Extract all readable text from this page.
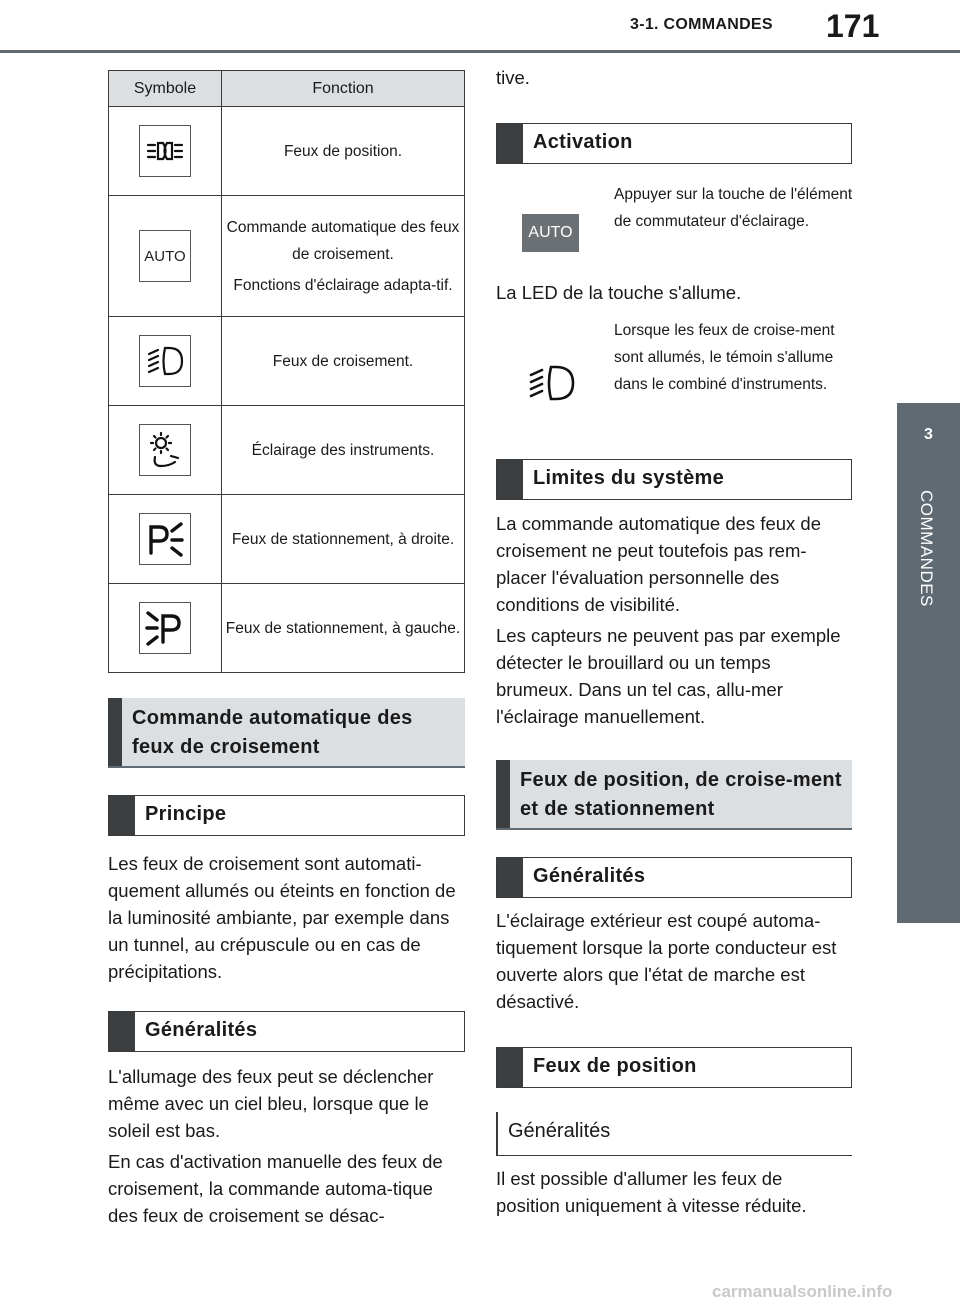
3-1. COMMANDES 171
3
COMMANDES
Symbole	Fonction

Feux de position.

AUTO	Commande automatique des feux de croisement.
Fonctions d'éclairage adapta-tif.

Feux de croisement.

Éclairage des instruments.

Feux de stationnement, à droite.

Feux de stationnement, à gauche.
Commande automatique des feux de croisement
Principe

Les feux de croisement sont automati-quement allumés ou éteints en fonction de la luminosité ambiante, par exemple dans un tunnel, au crépuscule ou en cas de précipitations.

Généralités

L'allumage des feux peut se déclencher même avec un ciel bleu, lorsque que le soleil est bas.

En cas d'activation manuelle des feux de croisement, la commande automa-tique des feux de croisement se désac-

tive.
Activation
AUTO
Appuyer sur la touche de l'élément de commutateur d'éclairage.
La LED de la touche s'allume.
Lorsque les feux de croise-ment sont allumés, le témoin s'allume dans le combiné d'instruments.
Limites du système

La commande automatique des feux de croisement ne peut toutefois pas rem-placer l'évaluation personnelle des conditions de visibilité.

Les capteurs ne peuvent pas par exemple détecter le brouillard ou un temps brumeux. Dans un tel cas, allu-mer l'éclairage manuellement.

Feux de position, de croise-ment et de stationnement
Généralités

L'éclairage extérieur est coupé automa-tiquement lorsque la porte conducteur est ouverte alors que l'état de marche est désactivé.

Feux de position
Généralités

Il est possible d'allumer les feux de position uniquement à vitesse réduite.

carmanualsonline.info
